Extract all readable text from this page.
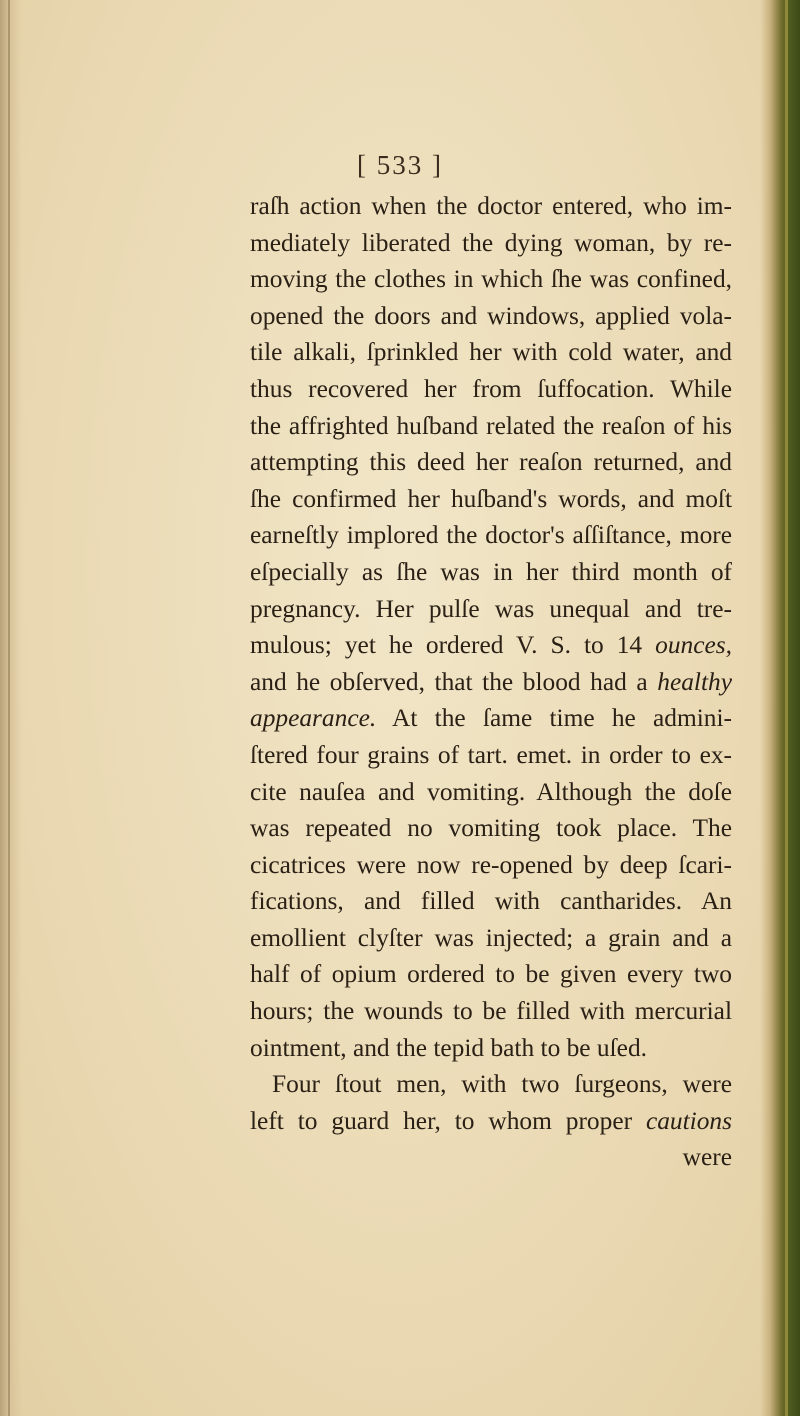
[ 533 ]
raſh action when the doctor entered, who im-
mediately liberated the dying woman, by re-
moving the clothes in which ſhe was confined,
opened the doors and windows, applied vola-
tile alkali, ſprinkled her with cold water, and
thus recovered her from ſuffocation. While
the affrighted huſband related the reaſon of his
attempting this deed her reaſon returned, and
ſhe confirmed her huſband's words, and moſt
earneſtly implored the doctor's aſſiſtance, more
eſpecially as ſhe was in her third month of
pregnancy. Her pulſe was unequal and tre-
mulous; yet he ordered V. S. to 14 ounces,
and he obſerved, that the blood had a healthy
appearance. At the ſame time he admini-
ſtered four grains of tart. emet. in order to ex-
cite nauſea and vomiting. Although the doſe
was repeated no vomiting took place. The
cicatrices were now re-opened by deep ſcari-
fications, and filled with cantharides. An
emollient clyſter was injected; a grain and a
half of opium ordered to be given every two
hours; the wounds to be filled with mercurial
ointment, and the tepid bath to be uſed.
Four ſtout men, with two ſurgeons, were
left to guard her, to whom proper cautions
were
